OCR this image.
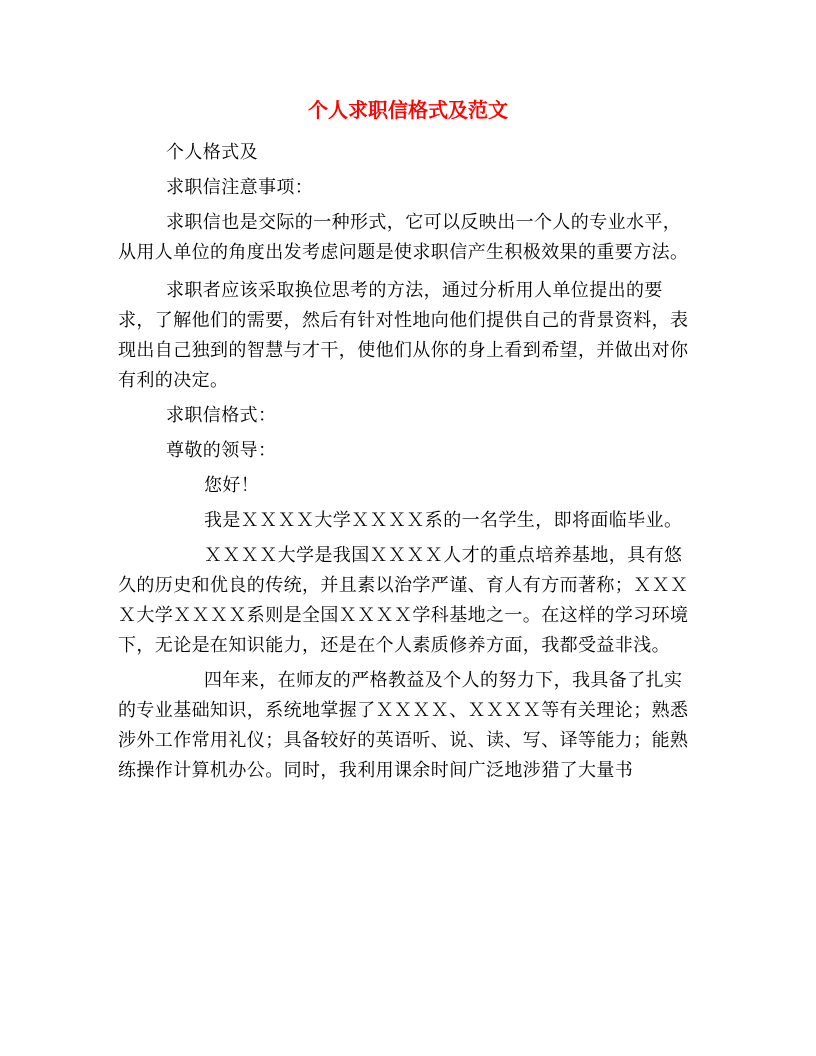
个人求职信格式及范文

个人格式及

求职信注意事项：

求职信也是交际的一种形式，它可以反映出一个人的专业水平，从用人单位的角度出发考虑问题是使求职信产生积极效果的重要方法。

求职者应该采取换位思考的方法，通过分析用人单位提出的要求，了解他们的需要，然后有针对性地向他们提供自己的背景资料，表现出自己独到的智慧与才干，使他们从你的身上看到希望，并做出对你有利的决定。

求职信格式：

尊敬的领导：

您好！

我是ＸＸＸＸ大学ＸＸＸＸ系的一名学生，即将面临毕业。

ＸＸＸＸ大学是我国ＸＸＸＸ人才的重点培养基地，具有悠久的历史和优良的传统，并且素以治学严谨、育人有方而著称；ＸＸＸＸ大学ＸＸＸＸ系则是全国ＸＸＸＸ学科基地之一。在这样的学习环境下，无论是在知识能力，还是在个人素质修养方面，我都受益非浅。

四年来，在师友的严格教益及个人的努力下，我具备了扎实的专业基础知识，系统地掌握了ＸＸＸＸ、ＸＸＸＸ等有关理论；熟悉涉外工作常用礼仪；具备较好的英语听、说、读、写、译等能力；能熟练操作计算机办公。同时，我利用课余时间广泛地涉猎了大量书
